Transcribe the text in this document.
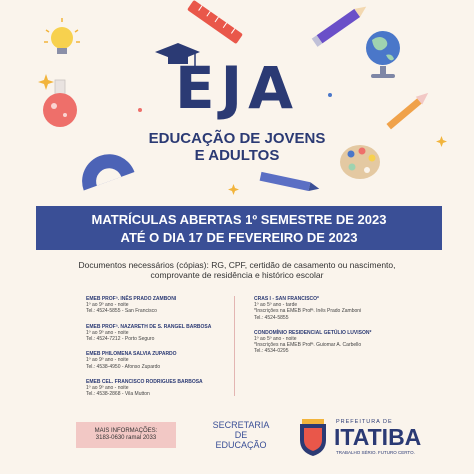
EJA
EDUCAÇÃO DE JOVENS
E ADULTOS
MATRÍCULAS ABERTAS 1º SEMESTRE DE 2023
ATÉ O DIA 17 DE FEVEREIRO DE 2023
Documentos necessários (cópias): RG, CPF, certidão de casamento ou nascimento,
comprovante de residência e histórico escolar
EMEB PROFª. INÊS PRADO ZAMBONI
1º ao 9º ano - noite
Tel.: 4524-5855 - San Francisco
EMEB PROFª. NAZARETH DE S. RANGEL BARBOSA
1º ao 9º ano - noite
Tel.: 4524-7212 - Porto Seguro
EMEB PHILOMENA SALVIA ZUPARDO
1º ao 9º ano - noite
Tel.: 4538-4950 - Afonso Zupardo
EMEB CEL. FRANCISCO RODRIGUES BARBOSA
1º ao 9º ano - noite
Tel.: 4538-2868 - Vila Mutton
CRAS I - SAN FRANCISCO*
1º ao 5º ano - tarde
*Inscrições na EMEB Profª. Inês Prado Zamboni
Tel.: 4524-5855
CONDOMÍNIO RESIDENCIAL GETÚLIO LUVISON*
1º ao 5º ano - noite
*Inscrições na EMEB Profª. Guiomar A. Carbello
Tel.: 4534-0295
MAIS INFORMAÇÕES:
3183-0630 ramal 2033
SECRETARIA DE
EDUCAÇÃO
PREFEITURA DE
ITATIBA
TRABALHO SÉRIO. FUTURO CERTO.
